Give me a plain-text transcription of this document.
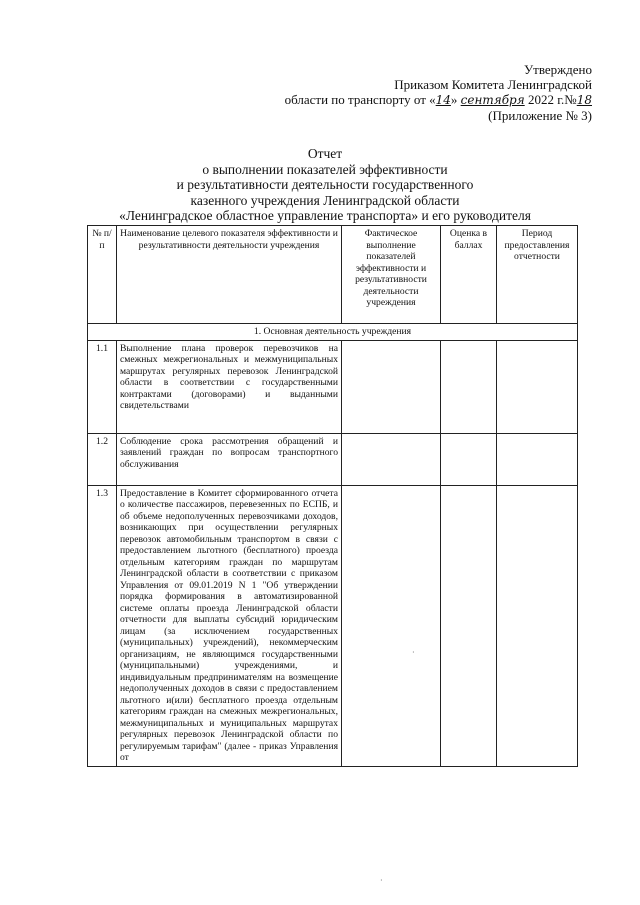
Утверждено
Приказом Комитета Ленинградской
области по транспорту от «14» сентября 2022 г.№18
(Приложение № 3)
Отчет
о выполнении показателей эффективности
и результативности деятельности государственного
казенного учреждения Ленинградской области
«Ленинградское областное управление транспорта» и его руководителя
№ п/п	Наименование целевого показателя эффективности и результативности деятельности учреждения	Фактическое выполнение показателей эффективности и результативности деятельности учреждения	Оценка в баллах	Период предоставления отчетности
1. Основная деятельность учреждения				
1.1	Выполнение плана проверок перевозчиков на смежных межрегиональных и межмуниципальных маршрутах регулярных перевозок Ленинградской области в соответствии с государственными контрактами (договорами) и выданными свидетельствами			
1.2	Соблюдение срока рассмотрения обращений и заявлений граждан по вопросам транспортного обслуживания			
1.3	Предоставление в Комитет сформированного отчета о количестве пассажиров, перевезенных по ЕСПБ, и об объеме недополученных перевозчиками доходов, возникающих при осуществлении регулярных перевозок автомобильным транспортом в связи с предоставлением льготного (бесплатного) проезда отдельным категориям граждан по маршрутам Ленинградской области в соответствии с приказом Управления от 09.01.2019 N 1 "Об утверждении порядка формирования в автоматизированной системе оплаты проезда Ленинградской области отчетности для выплаты субсидий юридическим лицам (за исключением государственных (муниципальных) учреждений), некоммерческим организациям, не являющимся государственными (муниципальными) учреждениями, и индивидуальным предпринимателям на возмещение недополученных доходов в связи с предоставлением льготного и(или) бесплатного проезда отдельным категориям граждан на смежных межрегиональных, межмуниципальных и муниципальных маршрутах регулярных перевозок Ленинградской области по регулируемым тарифам" (далее - приказ Управления от			
·
·
